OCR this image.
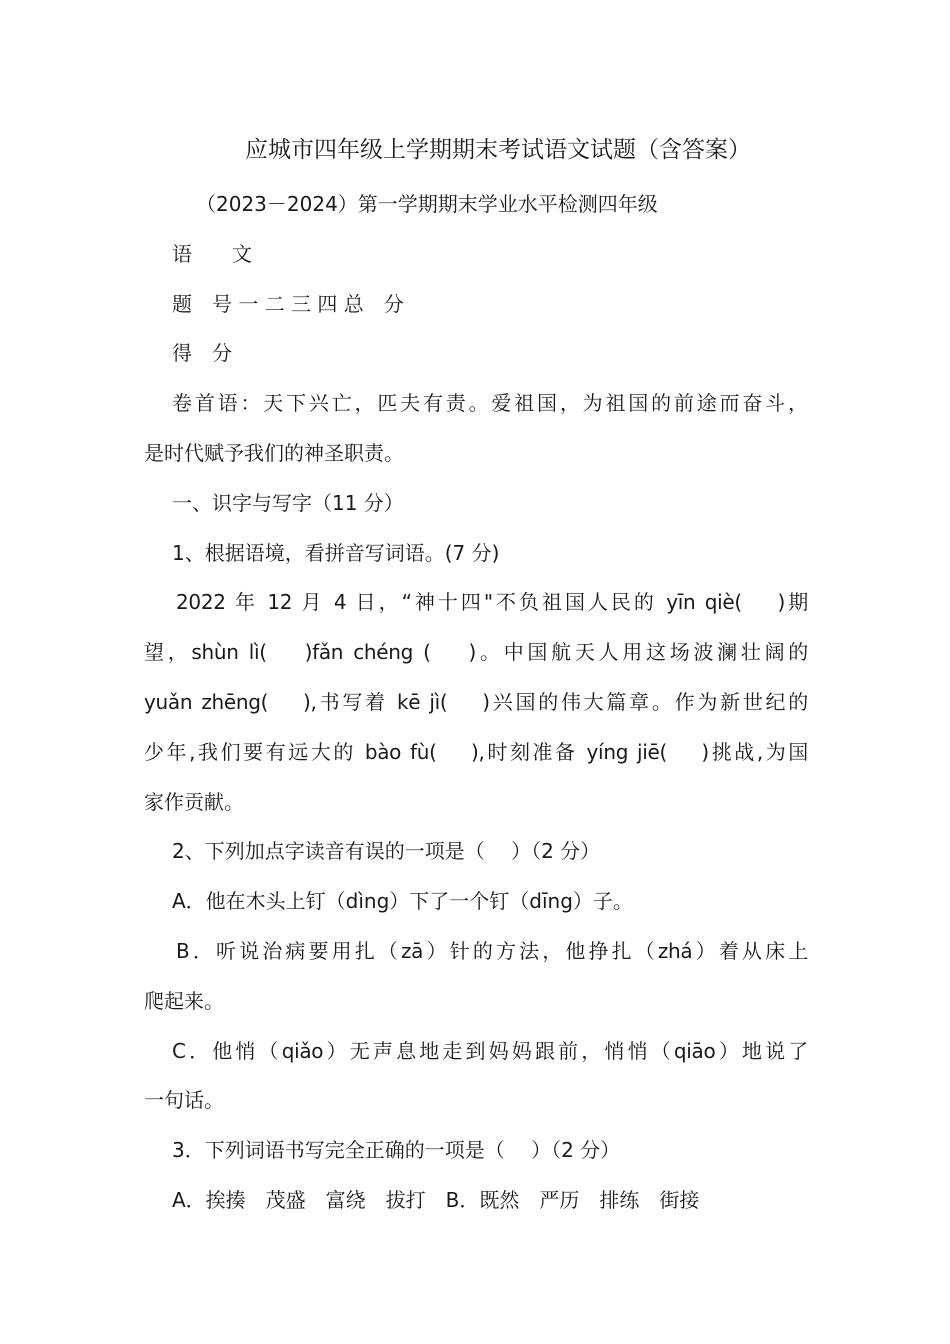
应城市四年级上学期期末考试语文试题（含答案）

（2023－2024）第一学期期末学业水平检测四年级

语　　文

题　号 一 二 三 四 总　分

得　分

卷首语：天下兴亡，匹夫有责。爱祖国，为祖国的前途而奋斗，

是时代赋予我们的神圣职责。

一、识字与写字（11 分）

1、根据语境，看拼音写词语。(7 分)

2022 年 12 月 4 日，“神十四"不负祖国人民的 yīn qiè(　 )期

望，shùn lì(　 )fǎn chéng (　 )。中国航天人用这场波澜壮阔的

yuǎn zhēng(　 ),书写着 kē jì(　 )兴国的伟大篇章。作为新世纪的

少年,我们要有远大的 bào fù(　 ),时刻准备 yíng jiē(　 )挑战,为国

家作贡献。

2、下列加点字读音有误的一项是（　 ）（2 分）

A．他在木头上钉（dìng）下了一个钉（dīng）子。

B．听说治病要用扎（zā）针的方法，他挣扎（zhá）着从床上

爬起来。

C．他悄（qiǎo）无声息地走到妈妈跟前，悄悄（qiāo）地说了

一句话。

3．下列词语书写完全正确的一项是（　 ）（2 分）

A．挨揍　茂盛　富绕　拔打　B．既然　严历　排练　街接
